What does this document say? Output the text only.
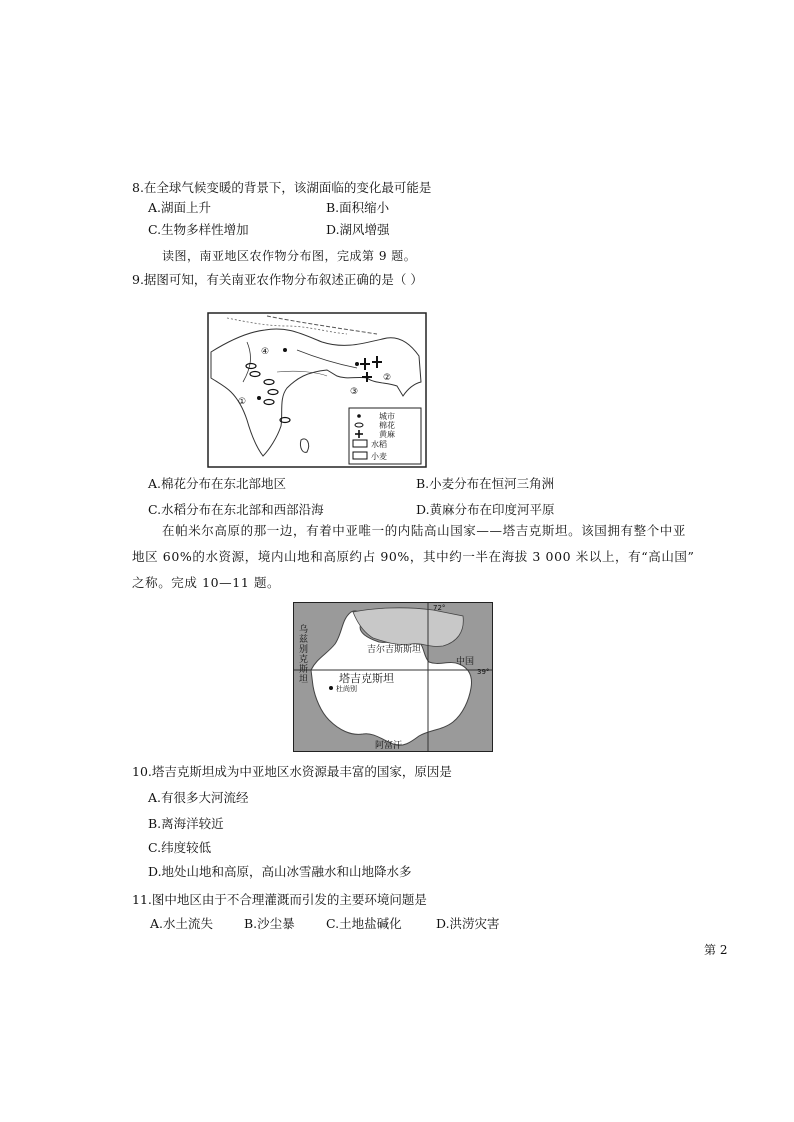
8.在全球气候变暖的背景下，该湖面临的变化最可能是
A.湖面上升	B.面积缩小
C.生物多样性增加	D.湖风增强
读图，南亚地区农作物分布图，完成第 9 题。
9.据图可知，有关南亚农作物分布叙述正确的是（ ）
①
②
③
④
城市
棉花
黄麻
水稻
小麦
A.棉花分布在东北部地区	B.小麦分布在恒河三角洲
C.水稻分布在东北部和西部沿海	D.黄麻分布在印度河平原
在帕米尔高原的那一边，有着中亚唯一的内陆高山国家——塔吉克斯坦。该国拥有整个中亚
地区 60%的水资源，境内山地和高原约占 90%，其中约一半在海拔 3 000 米以上，有“高山国”
之称。完成 10—11 题。
乌
兹
别
克
斯
坦
吉尔吉斯斯坦
中国
72°
39°
阿富汗
塔吉克斯坦
杜尚别
10.塔吉克斯坦成为中亚地区水资源最丰富的国家，原因是
A.有很多大河流经
B.离海洋较近
C.纬度较低
D.地处山地和高原，高山冰雪融水和山地降水多
11.图中地区由于不合理灌溉而引发的主要环境问题是
A.水土流失 B.沙尘暴	C.土地盐碱化	D.洪涝灾害
第 2
